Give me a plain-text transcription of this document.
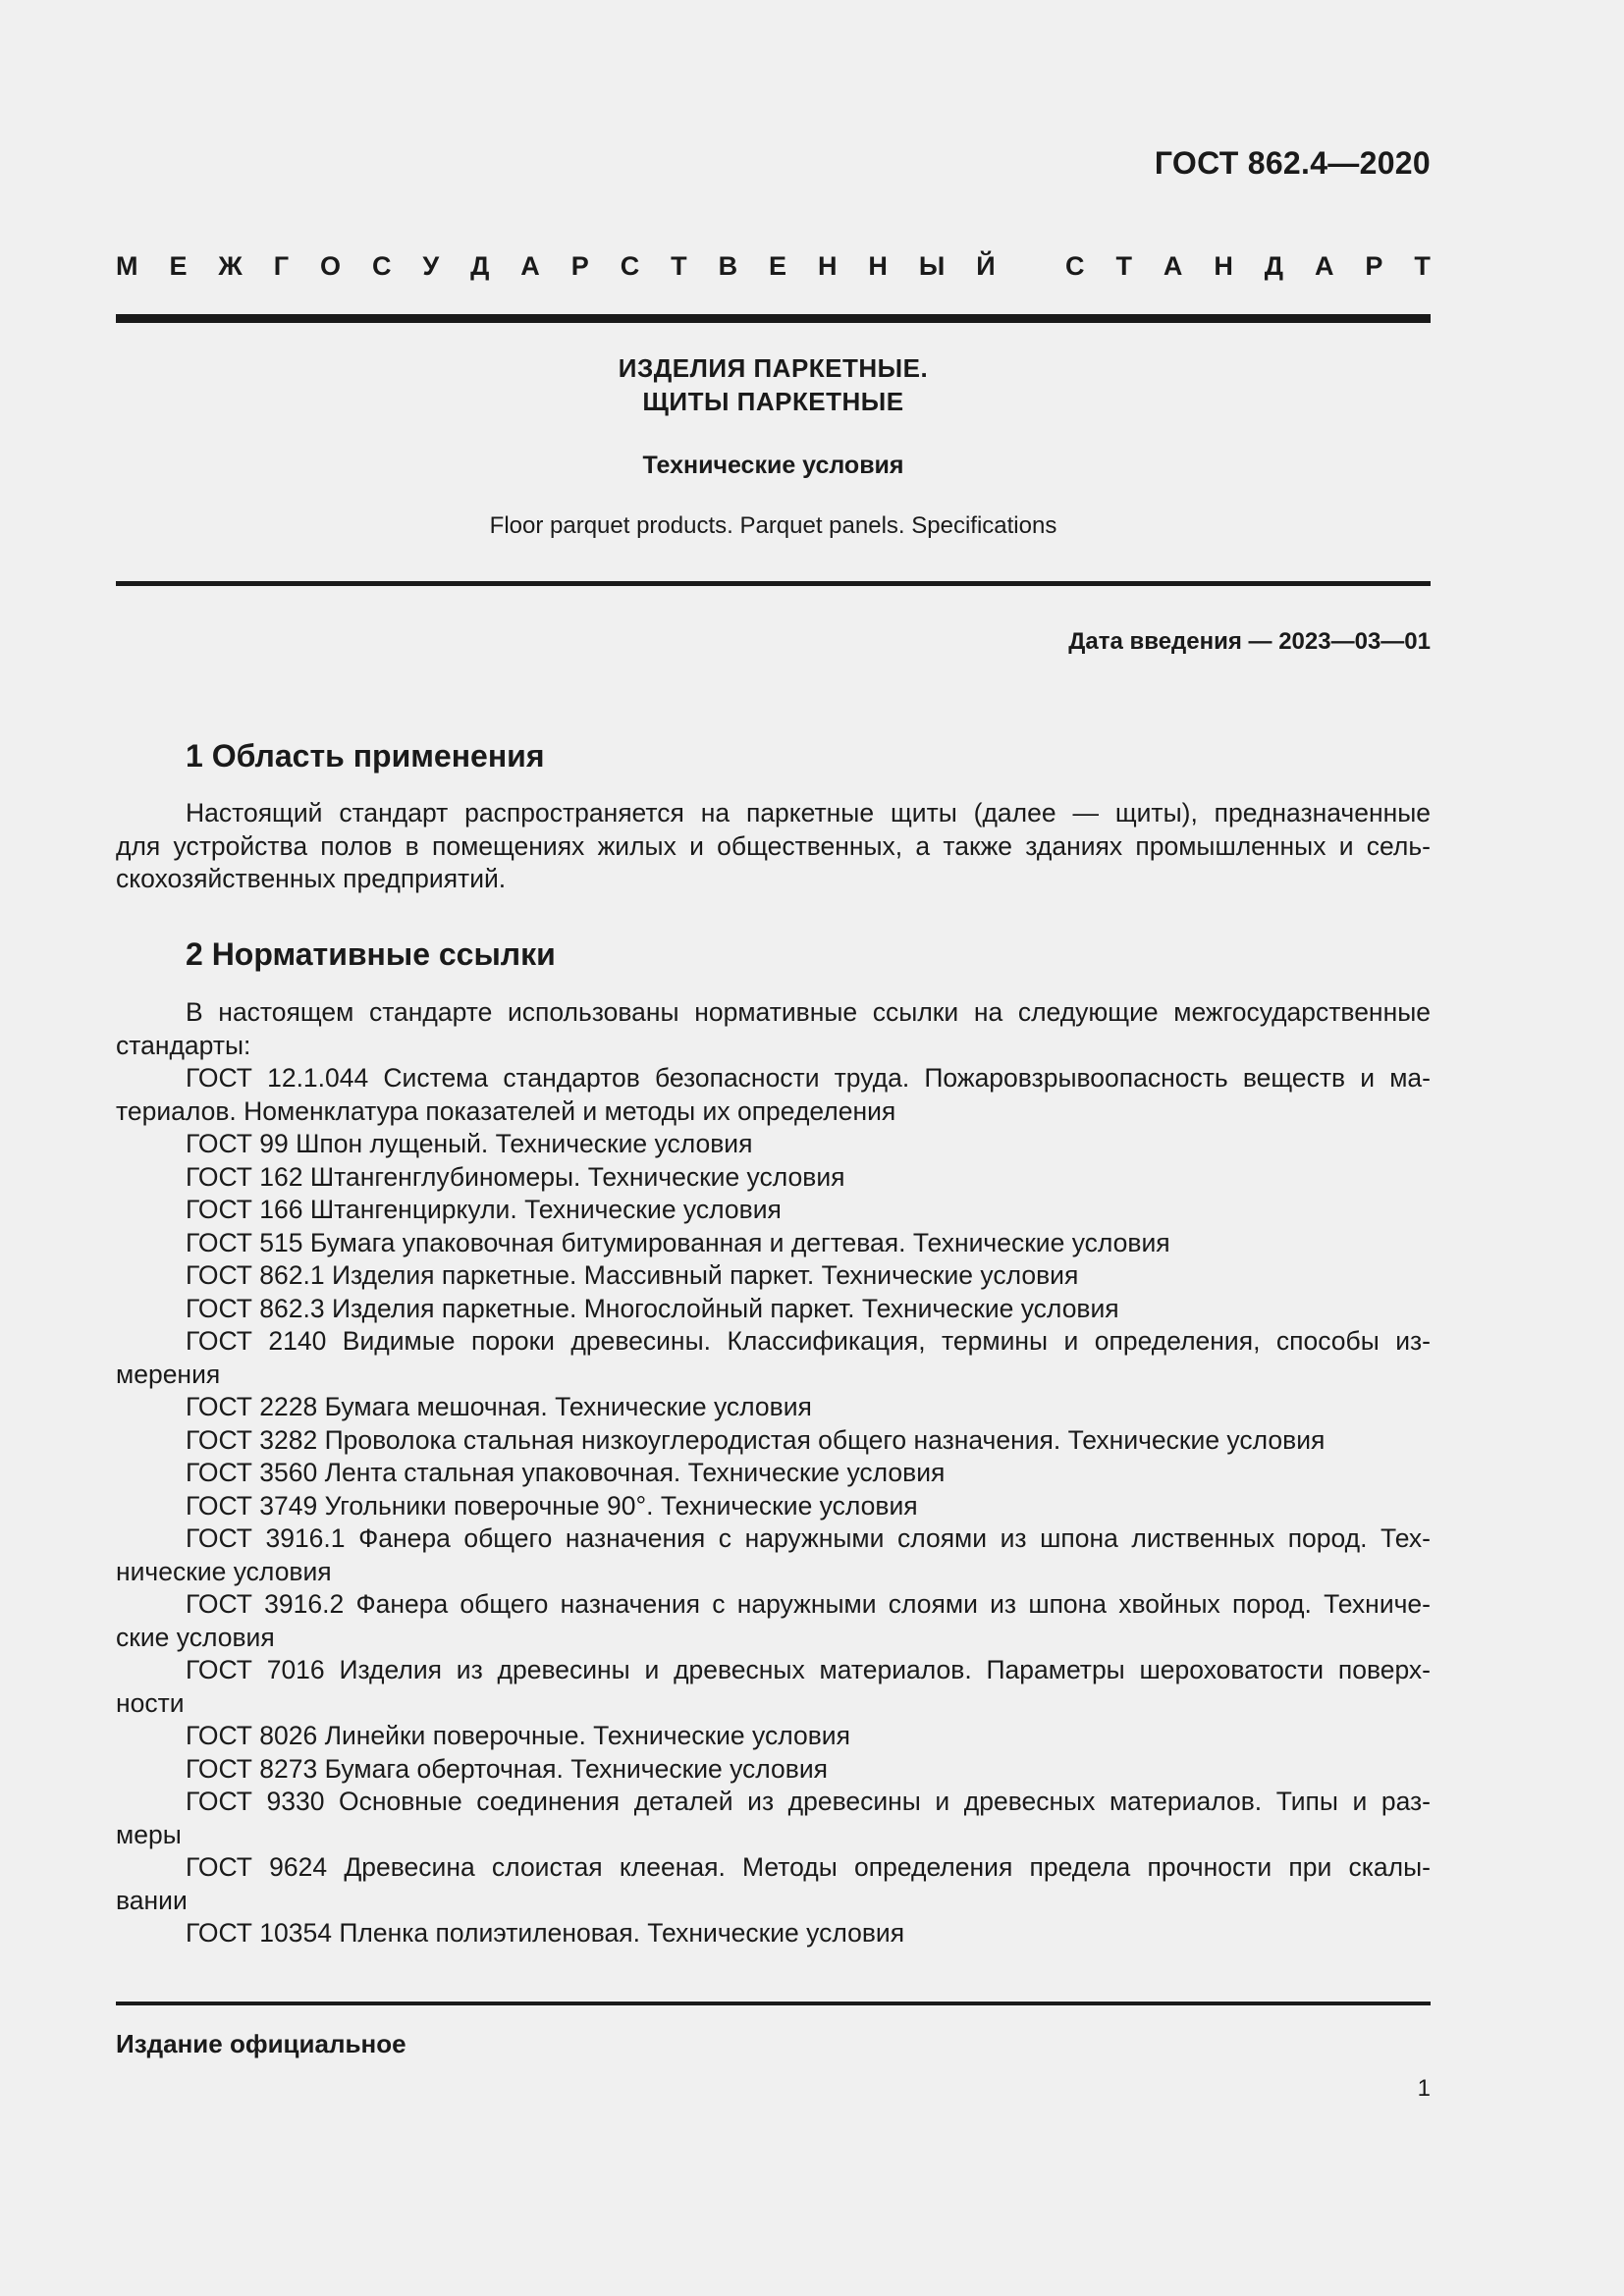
ГОСТ 862.4—2020
М Е Ж Г О С У Д А Р С Т В Е Н Н Ы Й
	С Т А Н Д А Р Т
ИЗДЕЛИЯ ПАРКЕТНЫЕ.
ЩИТЫ ПАРКЕТНЫЕ
Технические условия
Floor parquet products. Parquet panels. Specifications
Дата введения — 2023—03—01
1 Область применения
Настоящий стандарт распространяется на паркетные щиты (далее — щиты), предназначенные
для устройства полов в помещениях жилых и общественных, а также зданиях промышленных и сель-
скохозяйственных предприятий.
2 Нормативные ссылки
В настоящем стандарте использованы нормативные ссылки на следующие межгосударственные
стандарты:
ГОСТ 12.1.044 Система стандартов безопасности труда. Пожаровзрывоопасность веществ и ма-
териалов. Номенклатура показателей и методы их определения
ГОСТ 99 Шпон лущеный. Технические условия
ГОСТ 162 Штангенглубиномеры. Технические условия
ГОСТ 166 Штангенциркули. Технические условия
ГОСТ 515 Бумага упаковочная битумированная и дегтевая. Технические условия
ГОСТ 862.1 Изделия паркетные. Массивный паркет. Технические условия
ГОСТ 862.3 Изделия паркетные. Многослойный паркет. Технические условия
ГОСТ 2140 Видимые пороки древесины. Классификация, термины и определения, способы из-
мерения
ГОСТ 2228 Бумага мешочная. Технические условия
ГОСТ 3282 Проволока стальная низкоуглеродистая общего назначения. Технические условия
ГОСТ 3560 Лента стальная упаковочная. Технические условия
ГОСТ 3749 Угольники поверочные 90°. Технические условия
ГОСТ 3916.1 Фанера общего назначения с наружными слоями из шпона лиственных пород. Тех-
нические условия
ГОСТ 3916.2 Фанера общего назначения с наружными слоями из шпона хвойных пород. Техниче-
ские условия
ГОСТ 7016 Изделия из древесины и древесных материалов. Параметры шероховатости поверх-
ности
ГОСТ 8026 Линейки поверочные. Технические условия
ГОСТ 8273 Бумага оберточная. Технические условия
ГОСТ 9330 Основные соединения деталей из древесины и древесных материалов. Типы и раз-
меры
ГОСТ 9624 Древесина слоистая клееная. Методы определения предела прочности при скалы-
вании
ГОСТ 10354 Пленка полиэтиленовая. Технические условия
Издание официальное
1
